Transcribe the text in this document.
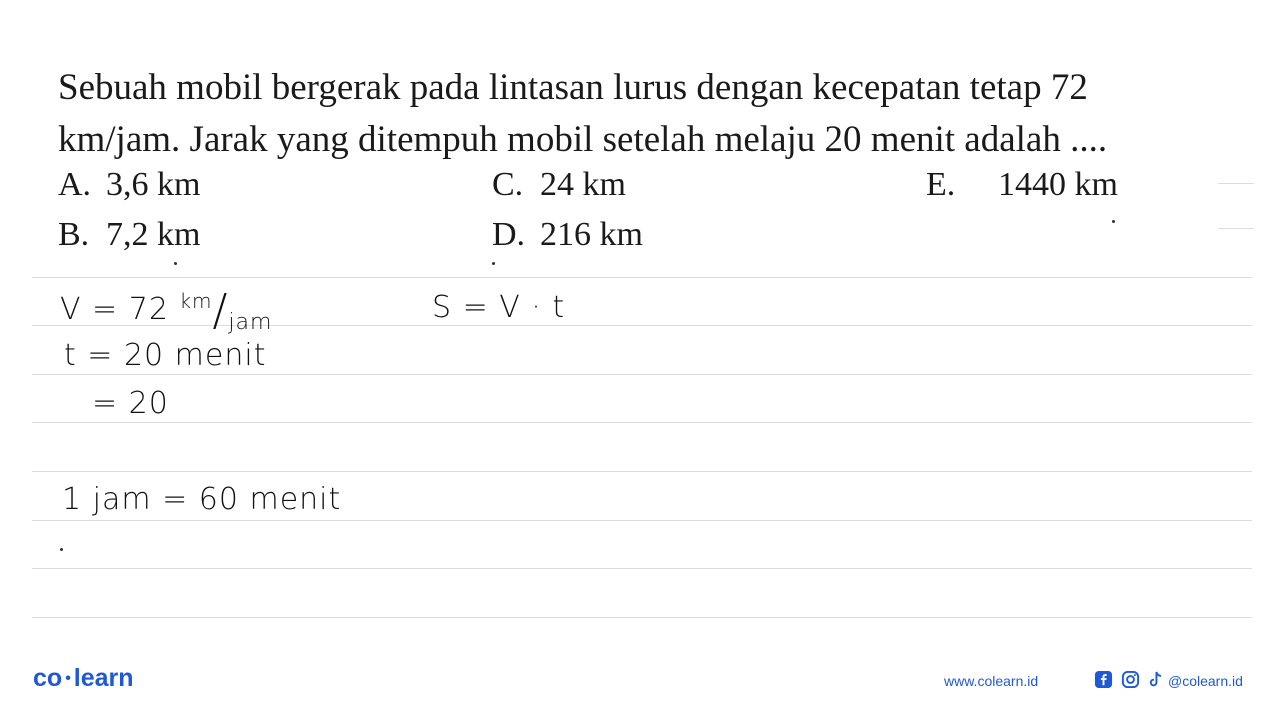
Sebuah mobil bergerak pada lintasan lurus dengan kecepatan tetap 72 km/jam. Jarak yang ditempuh mobil setelah melaju 20 menit adalah ....

A. 3,6 km
B. 7,2 km
C. 24 km
D. 216 km
E. 1440 km
V = 72 $^{km}/_{jam}$	S = V · t
t = 20 menit
= 20
1 jam = 60 menit
co • learn	www.colearn.id	@colearn.id
